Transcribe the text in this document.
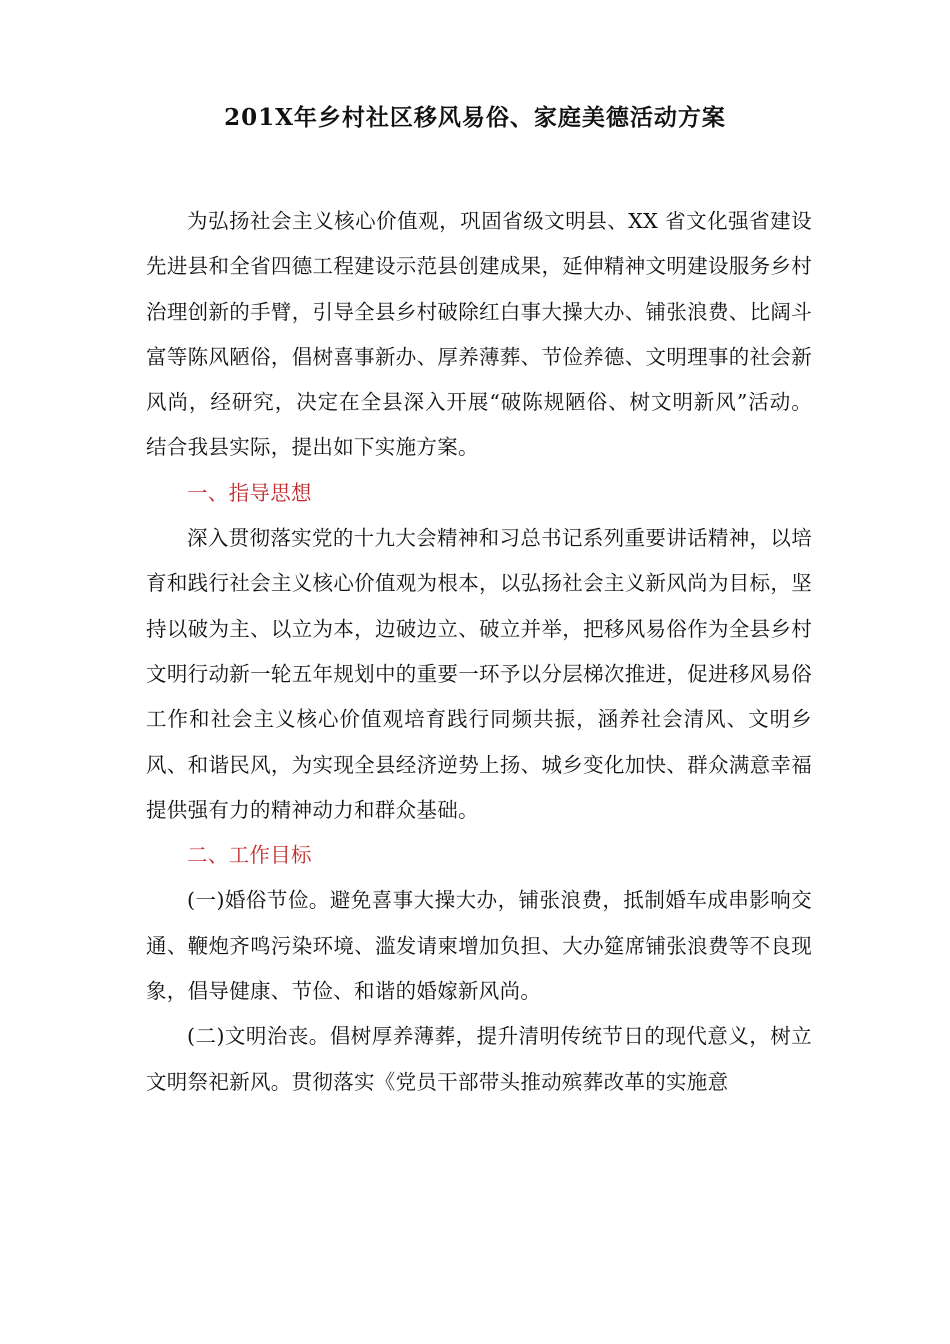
201X年乡村社区移风易俗、家庭美德活动方案

为弘扬社会主义核心价值观，巩固省级文明县、XX 省文化强省建设先进县和全省四德工程建设示范县创建成果，延伸精神文明建设服务乡村治理创新的手臂，引导全县乡村破除红白事大操大办、铺张浪费、比阔斗富等陈风陋俗，倡树喜事新办、厚养薄葬、节俭养德、文明理事的社会新风尚，经研究，决定在全县深入开展“破陈规陋俗、树文明新风”活动。结合我县实际，提出如下实施方案。

一、指导思想

深入贯彻落实党的十九大会精神和习总书记系列重要讲话精神，以培育和践行社会主义核心价值观为根本，以弘扬社会主义新风尚为目标，坚持以破为主、以立为本，边破边立、破立并举，把移风易俗作为全县乡村文明行动新一轮五年规划中的重要一环予以分层梯次推进，促进移风易俗工作和社会主义核心价值观培育践行同频共振，涵养社会清风、文明乡风、和谐民风，为实现全县经济逆势上扬、城乡变化加快、群众满意幸福提供强有力的精神动力和群众基础。

二、工作目标

(一)婚俗节俭。避免喜事大操大办，铺张浪费，抵制婚车成串影响交通、鞭炮齐鸣污染环境、滥发请柬增加负担、大办筵席铺张浪费等不良现象，倡导健康、节俭、和谐的婚嫁新风尚。

(二)文明治丧。倡树厚养薄葬，提升清明传统节日的现代意义，树立文明祭祀新风。贯彻落实《党员干部带头推动殡葬改革的实施意
